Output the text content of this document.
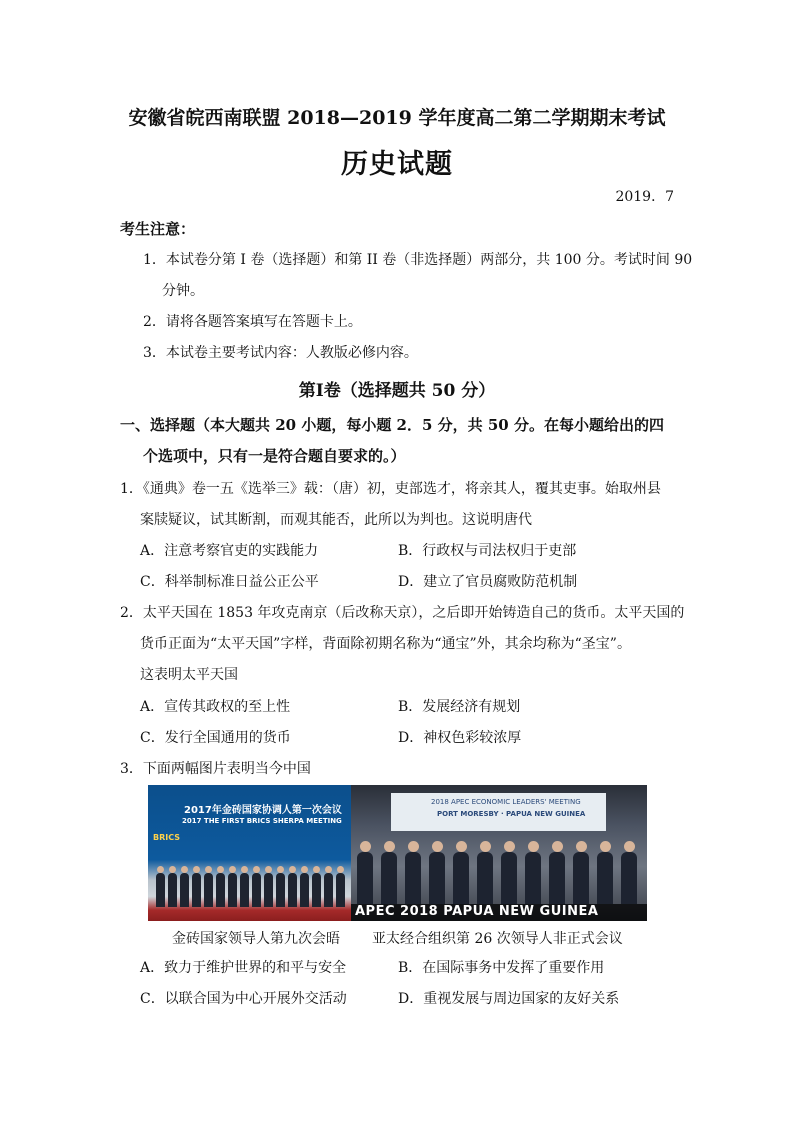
安徽省皖西南联盟 2018—2019 学年度高二第二学期期末考试
历史试题
2019．7
考生注意：
1．本试卷分第 I 卷（选择题）和第 II 卷（非选择题）两部分，共 100 分。考试时间 90
分钟。
2．请将各题答案填写在答题卡上。
3．本试卷主要考试内容：人教版必修内容。
第Ⅰ卷（选择题共 50 分）
一、选择题（本大题共 20 小题，每小题 2．5 分，共 50 分。在每小题给出的四
个选项中，只有一是符合题自要求的。）
1．《通典》卷一五《选举三》载：（唐）初，吏部选才，将亲其人，覆其吏事。始取州县
案牍疑议，试其断割，而观其能否，此所以为判也。这说明唐代
A．注意考察官吏的实践能力	B．行政权与司法权归于吏部
C．科举制标准日益公正公平	D．建立了官员腐败防范机制
2．太平天国在 1853 年攻克南京（后改称天京），之后即开始铸造自己的货币。太平天国的
货币正面为“太平天国”字样，背面除初期名称为“通宝”外，其余均称为“圣宝”。
这表明太平天国
A．宣传其政权的至上性	B．发展经济有规划
C．发行全国通用的货币	D．神权色彩较浓厚
3．下面两幅图片表明当今中国
2017年金砖国家协调人第一次会议
2017 THE FIRST BRICS SHERPA MEETING
BRICS
2018 APEC ECONOMIC LEADERS' MEETING
PORT MORESBY · PAPUA NEW GUINEA
APEC 2018 PAPUA NEW GUINEA
金砖国家领导人第九次会晤 亚太经合组织第 26 次领导人非正式会议
A．致力于维护世界的和平与安全	B．在国际事务中发挥了重要作用
C．以联合国为中心开展外交活动	D．重视发展与周边国家的友好关系
